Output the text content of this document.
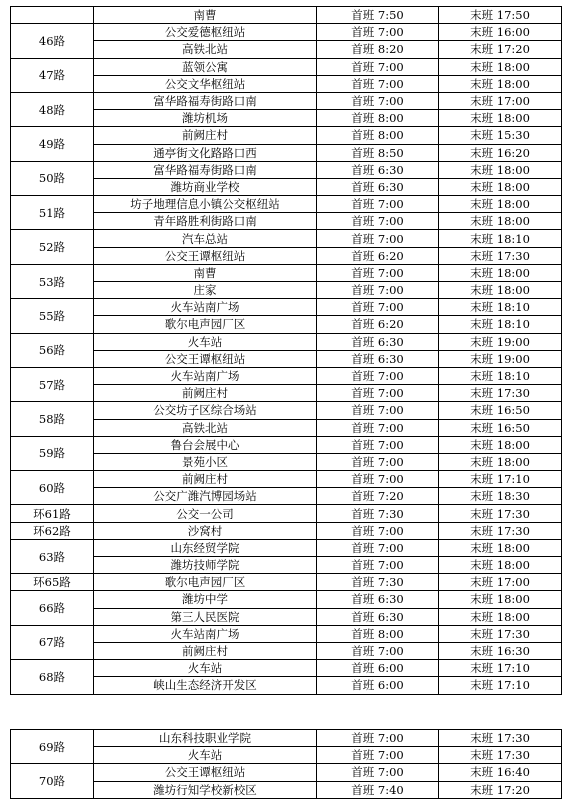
	南曹	首班 7:50	末班 17:50
46路	公交爱德枢纽站	首班 7:00	末班 16:00
	高铁北站	首班 8:20	末班 17:20
47路	蓝领公寓	首班 7:00	末班 18:00
	公交文华枢纽站	首班 7:00	末班 18:00
48路	富华路福寿街路口南	首班 7:00	末班 17:00
	潍坊机场	首班 8:00	末班 18:00
49路	前阙庄村	首班 8:00	末班 15:30
	通亭街文化路路口西	首班 8:50	末班 16:20
50路	富华路福寿街路口南	首班 6:30	末班 18:00
	潍坊商业学校	首班 6:30	末班 18:00
51路	坊子地理信息小镇公交枢纽站	首班 7:00	末班 18:00
	青年路胜利街路口南	首班 7:00	末班 18:00
52路	汽车总站	首班 7:00	末班 18:10
	公交王谭枢纽站	首班 6:20	末班 17:30
53路	南曹	首班 7:00	末班 18:00
	庄家	首班 7:00	末班 18:00
55路	火车站南广场	首班 7:00	末班 18:10
	歌尔电声园厂区	首班 6:20	末班 18:10
56路	火车站	首班 6:30	末班 19:00
	公交王谭枢纽站	首班 6:30	末班 19:00
57路	火车站南广场	首班 7:00	末班 18:10
	前阙庄村	首班 7:00	末班 17:30
58路	公交坊子区综合场站	首班 7:00	末班 16:50
	高铁北站	首班 7:00	末班 16:50
59路	鲁台会展中心	首班 7:00	末班 18:00
	景苑小区	首班 7:00	末班 18:00
60路	前阙庄村	首班 7:00	末班 17:10
	公交广潍汽博园场站	首班 7:20	末班 18:30
环61路	公交一公司	首班 7:30	末班 17:30
环62路	沙窝村	首班 7:00	末班 17:30
63路	山东经贸学院	首班 7:00	末班 18:00
	潍坊技师学院	首班 7:00	末班 18:00
环65路	歌尔电声园厂区	首班 7:30	末班 17:00
66路	潍坊中学	首班 6:30	末班 18:00
	第三人民医院	首班 6:30	末班 18:00
67路	火车站南广场	首班 8:00	末班 17:30
	前阙庄村	首班 7:00	末班 16:30
68路	火车站	首班 6:00	末班 17:10
	峡山生态经济开发区	首班 6:00	末班 17:10
69路	山东科技职业学院	首班 7:00	末班 17:30
	火车站	首班 7:00	末班 17:30
70路	公交王谭枢纽站	首班 7:00	末班 16:40
	潍坊行知学校新校区	首班 7:40	末班 17:20
